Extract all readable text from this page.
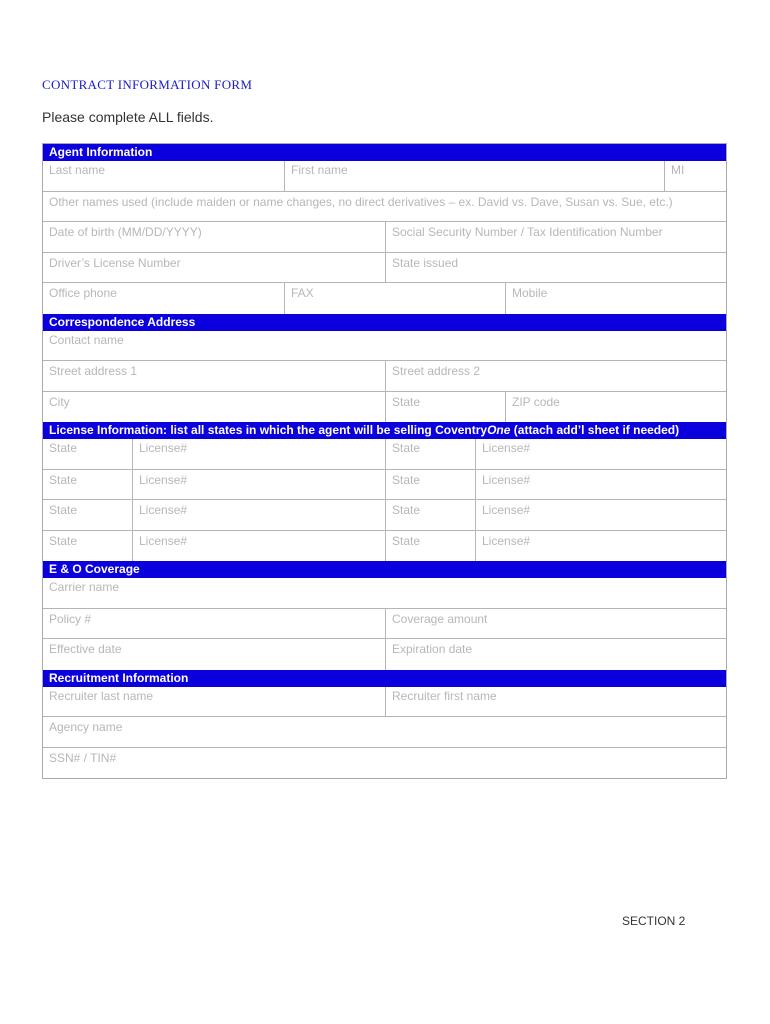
CONTRACT INFORMATION FORM
Please complete ALL fields.
Agent Information
Last name	First name	MI
Other names used (include maiden or name changes, no direct derivatives – ex. David vs. Dave, Susan vs. Sue, etc.)
Date of birth (MM/DD/YYYY)	Social Security Number / Tax Identification Number
Driver’s License Number	State issued
Office phone	FAX	Mobile
Correspondence Address
Contact name
Street address 1	Street address 2
City	State	ZIP code
License Information: list all states in which the agent will be selling CoventryOne (attach add’l sheet if needed)
State	License#	State	License#
State	License#	State	License#
State	License#	State	License#
State	License#	State	License#
E & O Coverage
Carrier name
Policy #	Coverage amount
Effective date	Expiration date
Recruitment Information
Recruiter last name	Recruiter first name
Agency name
SSN# / TIN#
SECTION 2
